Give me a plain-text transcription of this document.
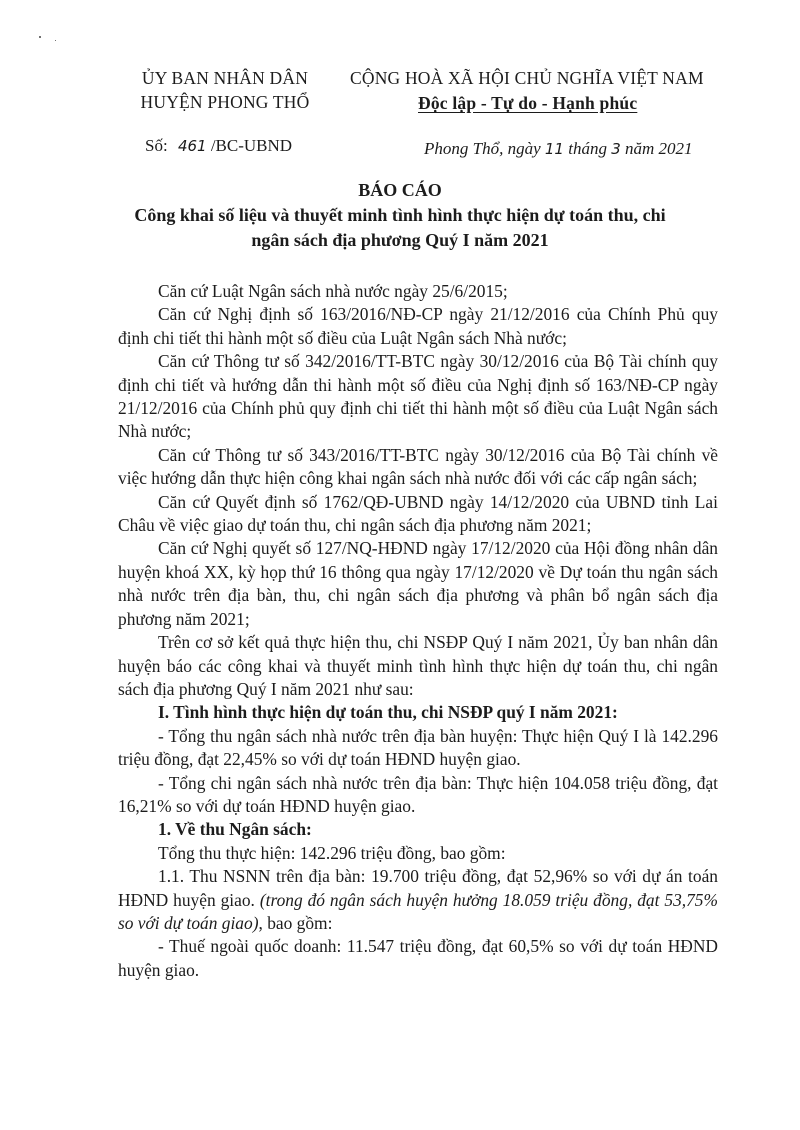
ỦY BAN NHÂN DÂN
HUYỆN PHONG THỔ
CỘNG HOÀ XÃ HỘI CHỦ NGHĨA VIỆT NAM
Độc lập - Tự do - Hạnh phúc
Số: 461 /BC-UBND	Phong Thổ, ngày 11 tháng 3 năm 2021
BÁO CÁO
Công khai số liệu và thuyết minh tình hình thực hiện dự toán thu, chi
ngân sách địa phương Quý I năm 2021

Căn cứ Luật Ngân sách nhà nước ngày 25/6/2015;

Căn cứ Nghị định số 163/2016/NĐ-CP ngày 21/12/2016 của Chính Phủ quy định chi tiết thi hành một số điều của Luật Ngân sách Nhà nước;

Căn cứ Thông tư số 342/2016/TT-BTC ngày 30/12/2016 của Bộ Tài chính quy định chi tiết và hướng dẫn thi hành một số điều của Nghị định số 163/NĐ-CP ngày 21/12/2016 của Chính phủ quy định chi tiết thi hành một số điều của Luật Ngân sách Nhà nước;

Căn cứ Thông tư số 343/2016/TT-BTC ngày 30/12/2016 của Bộ Tài chính về việc hướng dẫn thực hiện công khai ngân sách nhà nước đối với các cấp ngân sách;

Căn cứ Quyết định số 1762/QĐ-UBND ngày 14/12/2020 của UBND tỉnh Lai Châu về việc giao dự toán thu, chi ngân sách địa phương năm 2021;

Căn cứ Nghị quyết số 127/NQ-HĐND ngày 17/12/2020 của Hội đồng nhân dân huyện khoá XX, kỳ họp thứ 16 thông qua ngày 17/12/2020 về Dự toán thu ngân sách nhà nước trên địa bàn, thu, chi ngân sách địa phương và phân bổ ngân sách địa phương năm 2021;

Trên cơ sở kết quả thực hiện thu, chi NSĐP Quý I năm 2021, Ủy ban nhân dân huyện báo các công khai và thuyết minh tình hình thực hiện dự toán thu, chi ngân sách địa phương Quý I năm 2021 như sau:

I. Tình hình thực hiện dự toán thu, chi NSĐP quý I năm 2021:

- Tổng thu ngân sách nhà nước trên địa bàn huyện: Thực hiện Quý I là 142.296 triệu đồng, đạt 22,45% so với dự toán HĐND huyện giao.

- Tổng chi ngân sách nhà nước trên địa bàn: Thực hiện 104.058 triệu đồng, đạt 16,21% so với dự toán HĐND huyện giao.

1. Về thu Ngân sách:

Tổng thu thực hiện: 142.296 triệu đồng, bao gồm:

1.1. Thu NSNN trên địa bàn: 19.700 triệu đồng, đạt 52,96% so với dự án toán HĐND huyện giao. (trong đó ngân sách huyện hưởng 18.059 triệu đồng, đạt 53,75% so với dự toán giao), bao gồm:

- Thuế ngoài quốc doanh: 11.547 triệu đồng, đạt 60,5% so với dự toán HĐND huyện giao.
